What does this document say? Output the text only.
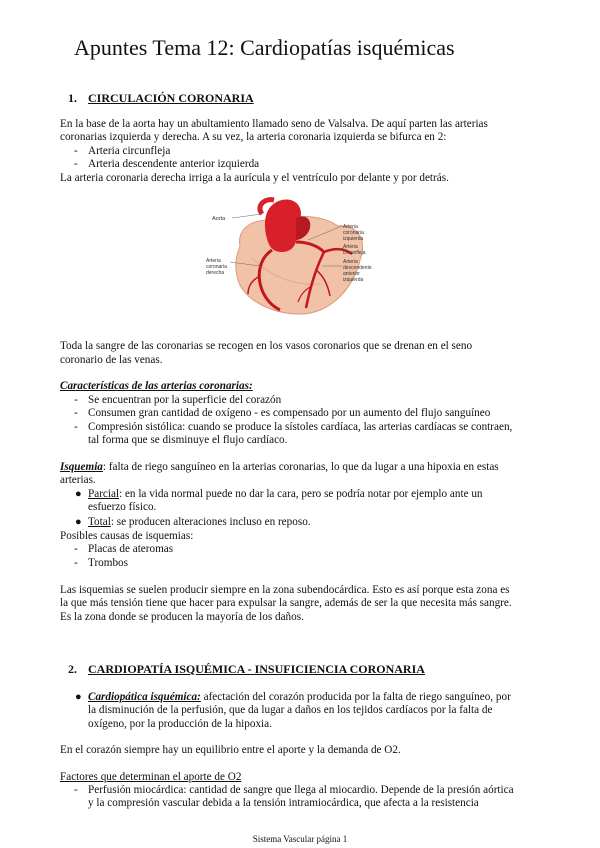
Apuntes Tema 12: Cardiopatías isquémicas
1. CIRCULACIÓN CORONARIA
En la base de la aorta hay un abultamiento llamado seno de Valsalva. De aquí parten las arterias
coronarias izquierda y derecha. A su vez, la arteria coronaria izquierda se bifurca en 2:
- Arteria circunfleja
- Arteria descendente anterior izquierda
La arteria coronaria derecha irriga a la aurícula y el ventrículo por delante y por detrás.
Aorta
Arteria coronaria izquierda
Arteria circunfleja
Arteria descendente anterior izquierda
Arteria coronaria derecha
Toda la sangre de las coronarias se recogen en los vasos coronarios que se drenan en el seno
coronario de las venas.
Características de las arterias coronarias:
- Se encuentran por la superficie del corazón
- Consumen gran cantidad de oxígeno - es compensado por un aumento del flujo sanguíneo
- Compresión sistólica: cuando se produce la sístoles cardíaca, las arterias cardíacas se contraen,
tal forma que se disminuye el flujo cardíaco.
Isquemia: falta de riego sanguíneo en la arterias coronarias, lo que da lugar a una hipoxia en estas
arterias.
● Parcial: en la vida normal puede no dar la cara, pero se podría notar por ejemplo ante un
esfuerzo físico.
● Total: se producen alteraciones incluso en reposo.
Posibles causas de isquemias:
- Placas de ateromas
- Trombos
Las isquemias se suelen producir siempre en la zona subendocárdica. Esto es así porque esta zona es
la que más tensión tiene que hacer para expulsar la sangre, además de ser la que necesita más sangre.
Es la zona donde se producen la mayoría de los daños.
2. CARDIOPATÍA ISQUÉMICA - INSUFICIENCIA CORONARIA
● Cardiopática isquémica: afectación del corazón producida por la falta de riego sanguíneo, por
la disminución de la perfusión, que da lugar a daños en los tejidos cardíacos por la falta de
oxígeno, por la producción de la hipoxia.
En el corazón siempre hay un equilibrio entre el aporte y la demanda de O2.
Factores que determinan el aporte de O2
- Perfusión miocárdica: cantidad de sangre que llega al miocardio. Depende de la presión aórtica
y la compresión vascular debida a la tensión intramiocárdica, que afecta a la resistencia
Sistema Vascular página 1
